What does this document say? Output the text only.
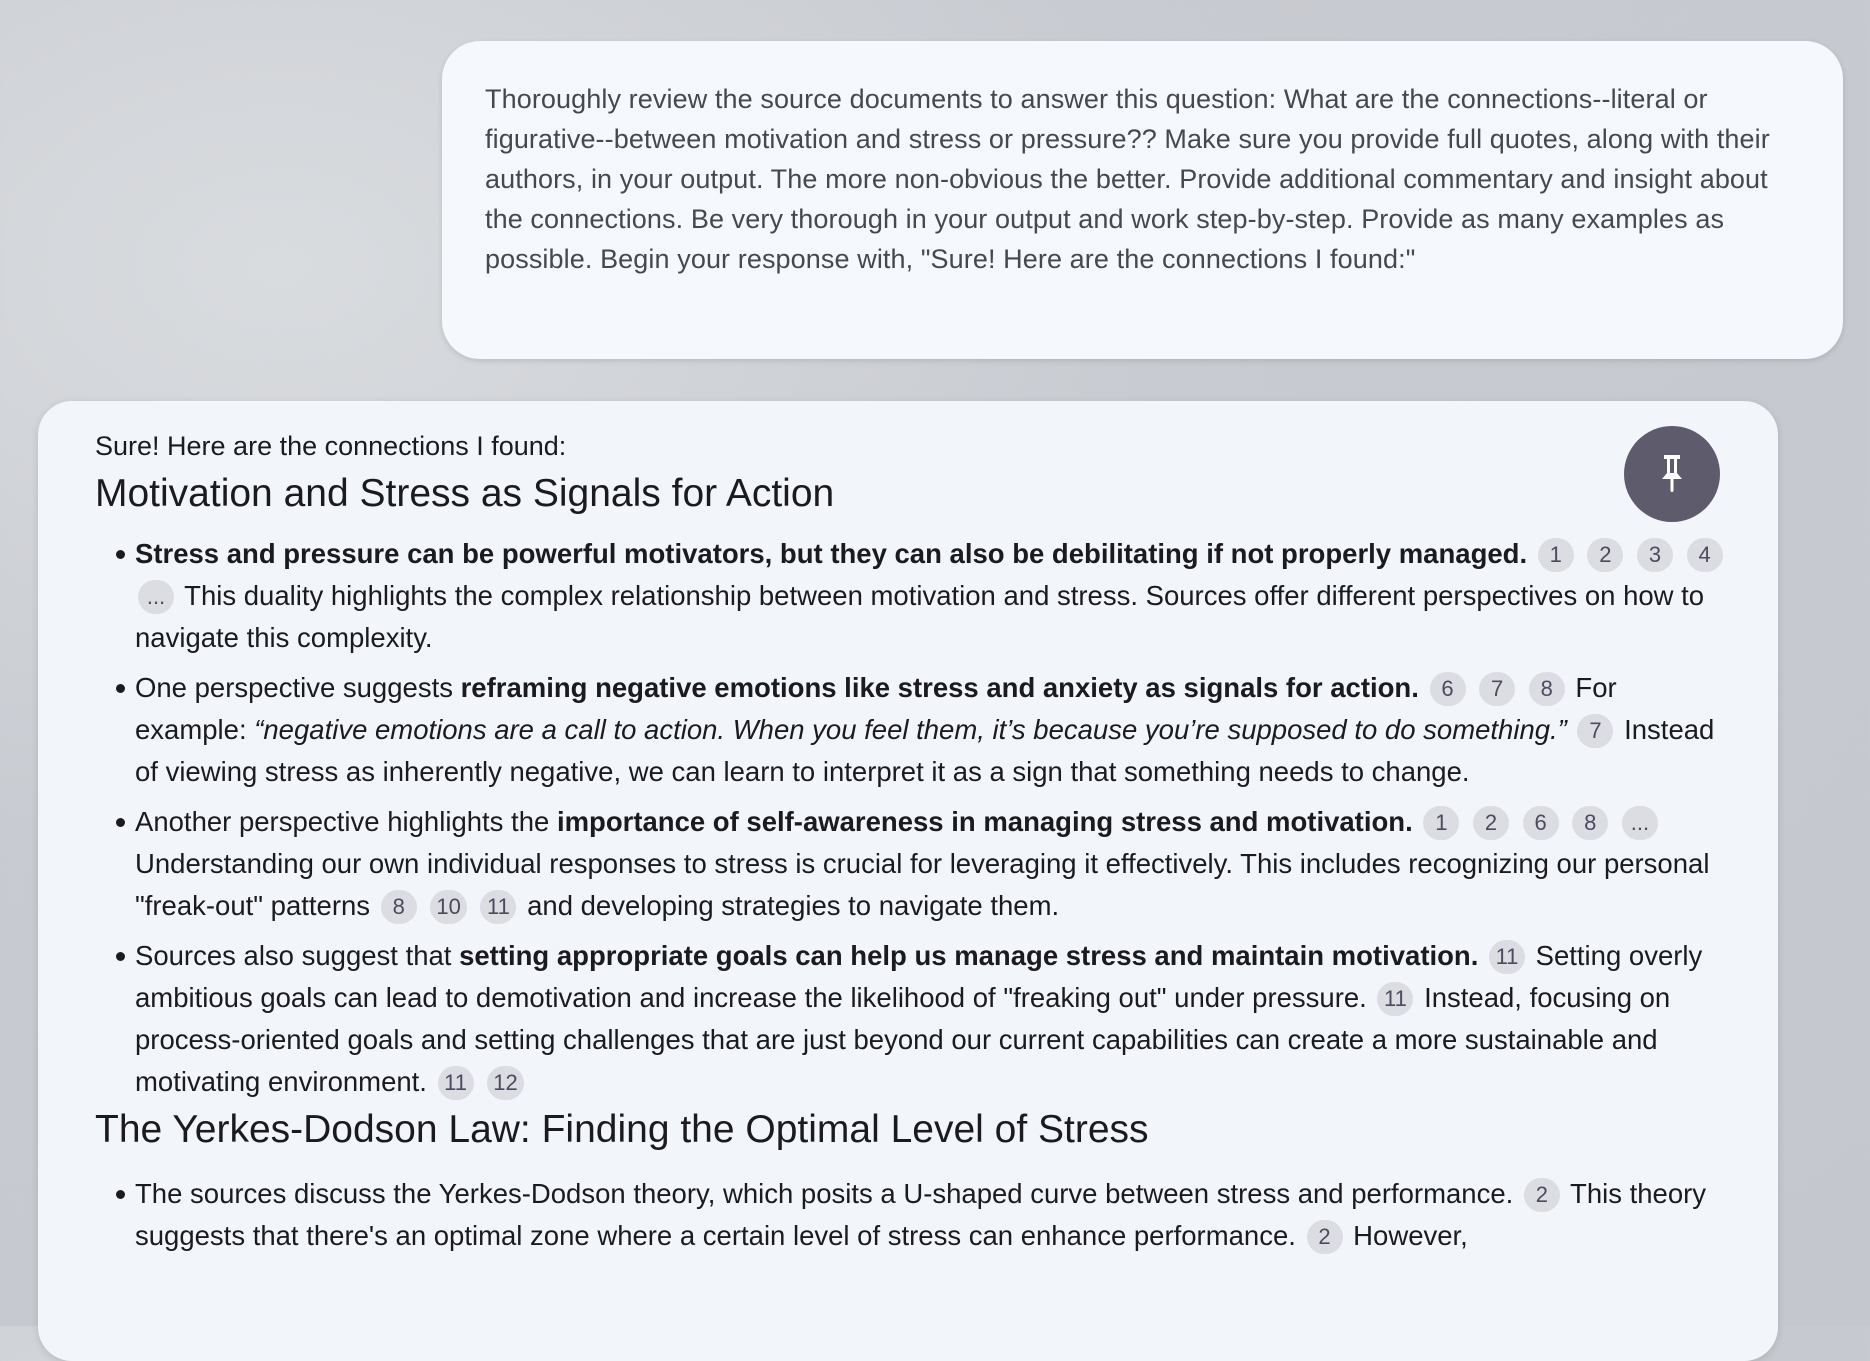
Thoroughly review the source documents to answer this question: What are the connections--literal or figurative--between motivation and stress or pressure?? Make sure you provide full quotes, along with their authors, in your output. The more non-obvious the better. Provide additional commentary and insight about the connections. Be very thorough in your output and work step-by-step. Provide as many examples as possible. Begin your response with, "Sure! Here are the connections I found:"
Sure! Here are the connections I found:
Motivation and Stress as Signals for Action
Stress and pressure can be powerful motivators, but they can also be debilitating if not properly managed. 1 2 3 4 ... This duality highlights the complex relationship between motivation and stress. Sources offer different perspectives on how to navigate this complexity.
One perspective suggests reframing negative emotions like stress and anxiety as signals for action. 6 7 8 For example: “negative emotions are a call to action. When you feel them, it’s because you’re supposed to do something.” 7 Instead of viewing stress as inherently negative, we can learn to interpret it as a sign that something needs to change.
Another perspective highlights the importance of self-awareness in managing stress and motivation. 1 2 6 8 ... Understanding our own individual responses to stress is crucial for leveraging it effectively. This includes recognizing our personal "freak-out" patterns 8 10 11 and developing strategies to navigate them.
Sources also suggest that setting appropriate goals can help us manage stress and maintain motivation. 11 Setting overly ambitious goals can lead to demotivation and increase the likelihood of "freaking out" under pressure. 11 Instead, focusing on process-oriented goals and setting challenges that are just beyond our current capabilities can create a more sustainable and motivating environment. 11 12
The Yerkes-Dodson Law: Finding the Optimal Level of Stress
The sources discuss the Yerkes-Dodson theory, which posits a U-shaped curve between stress and performance. 2 This theory suggests that there's an optimal zone where a certain level of stress can enhance performance. 2 However,
